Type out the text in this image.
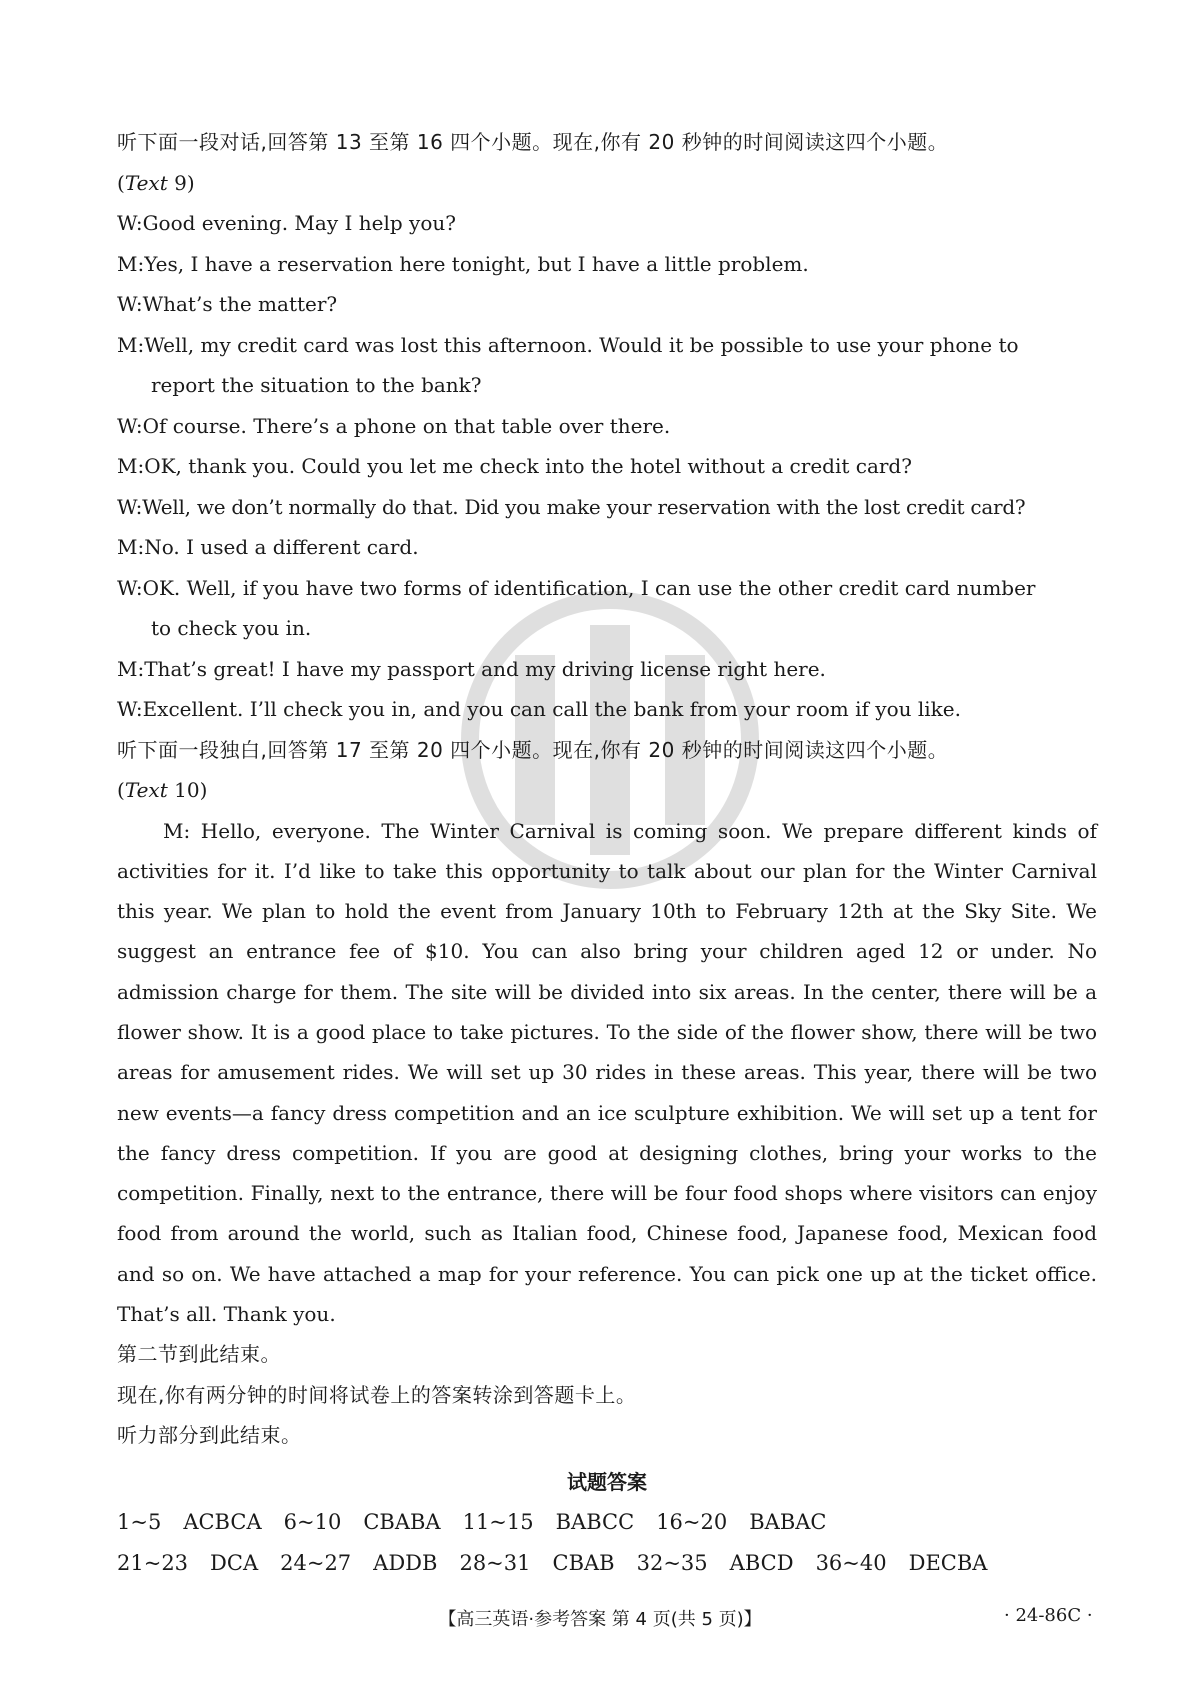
听下面一段对话,回答第 13 至第 16 四个小题。现在,你有 20 秒钟的时间阅读这四个小题。
(Text 9)
W:Good evening. May I help you?
M:Yes, I have a reservation here tonight, but I have a little problem.
W:What’s the matter?
M:Well, my credit card was lost this afternoon. Would it be possible to use your phone to
report the situation to the bank?
W:Of course. There’s a phone on that table over there.
M:OK, thank you. Could you let me check into the hotel without a credit card?
W:Well, we don’t normally do that. Did you make your reservation with the lost credit card?
M:No. I used a different card.
W:OK. Well, if you have two forms of identification, I can use the other credit card number
to check you in.
M:That’s great! I have my passport and my driving license right here.
W:Excellent. I’ll check you in, and you can call the bank from your room if you like.
听下面一段独白,回答第 17 至第 20 四个小题。现在,你有 20 秒钟的时间阅读这四个小题。
(Text 10)

M: Hello, everyone. The Winter Carnival is coming soon. We prepare different kinds of activities for it. I’d like to take this opportunity to talk about our plan for the Winter Carnival this year. We plan to hold the event from January 10th to February 12th at the Sky Site. We suggest an entrance fee of $10. You can also bring your children aged 12 or under. No admission charge for them. The site will be divided into six areas. In the center, there will be a flower show. It is a good place to take pictures. To the side of the flower show, there will be two areas for amusement rides. We will set up 30 rides in these areas. This year, there will be two new events—a fancy dress competition and an ice sculpture exhibition. We will set up a tent for the fancy dress competition. If you are good at designing clothes, bring your works to the competition. Finally, next to the entrance, there will be four food shops where visitors can enjoy food from around the world, such as Italian food, Chinese food, Japanese food, Mexican food and so on. We have attached a map for your reference. You can pick one up at the ticket office. That’s all. Thank you.

第二节到此结束。
现在,你有两分钟的时间将试卷上的答案转涂到答题卡上。
听力部分到此结束。
试题答案
1~5 ACBCA 6~10 CBABA 11~15 BABCC 16~20 BABAC
21~23 DCA 24~27 ADDB 28~31 CBAB 32~35 ABCD 36~40 DECBA
【高三英语·参考答案 第 4 页(共 5 页)】	· 24-86C ·
